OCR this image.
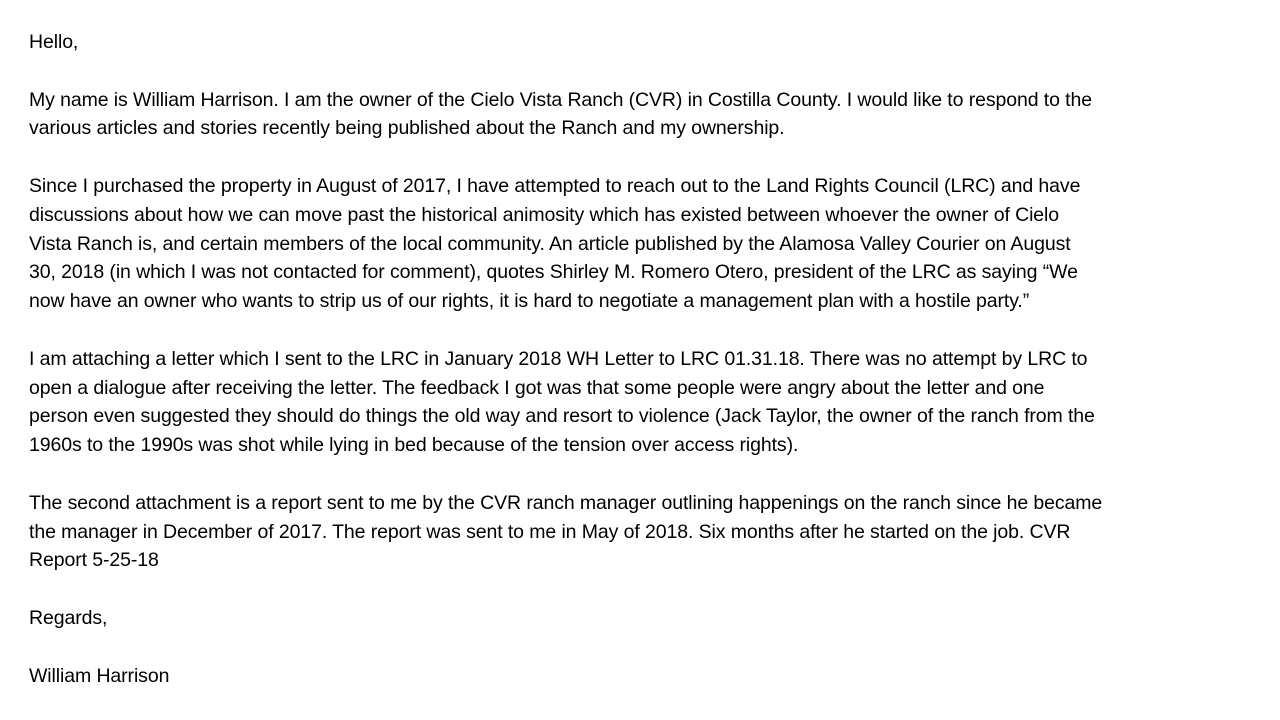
Hello,

My name is William Harrison. I am the owner of the Cielo Vista Ranch (CVR) in Costilla County. I would like to respond to the
various articles and stories recently being published about the Ranch and my ownership.

Since I purchased the property in August of 2017, I have attempted to reach out to the Land Rights Council (LRC) and have
discussions about how we can move past the historical animosity which has existed between whoever the owner of Cielo
Vista Ranch is, and certain members of the local community. An article published by the Alamosa Valley Courier on August
30, 2018 (in which I was not contacted for comment), quotes Shirley M. Romero Otero, president of the LRC as saying “We
now have an owner who wants to strip us of our rights, it is hard to negotiate a management plan with a hostile party.”

I am attaching a letter which I sent to the LRC in January 2018 WH Letter to LRC 01.31.18. There was no attempt by LRC to
open a dialogue after receiving the letter. The feedback I got was that some people were angry about the letter and one
person even suggested they should do things the old way and resort to violence (Jack Taylor, the owner of the ranch from the
1960s to the 1990s was shot while lying in bed because of the tension over access rights).

The second attachment is a report sent to me by the CVR ranch manager outlining happenings on the ranch since he became
the manager in December of 2017. The report was sent to me in May of 2018. Six months after he started on the job. CVR
Report 5-25-18

Regards,

William Harrison
